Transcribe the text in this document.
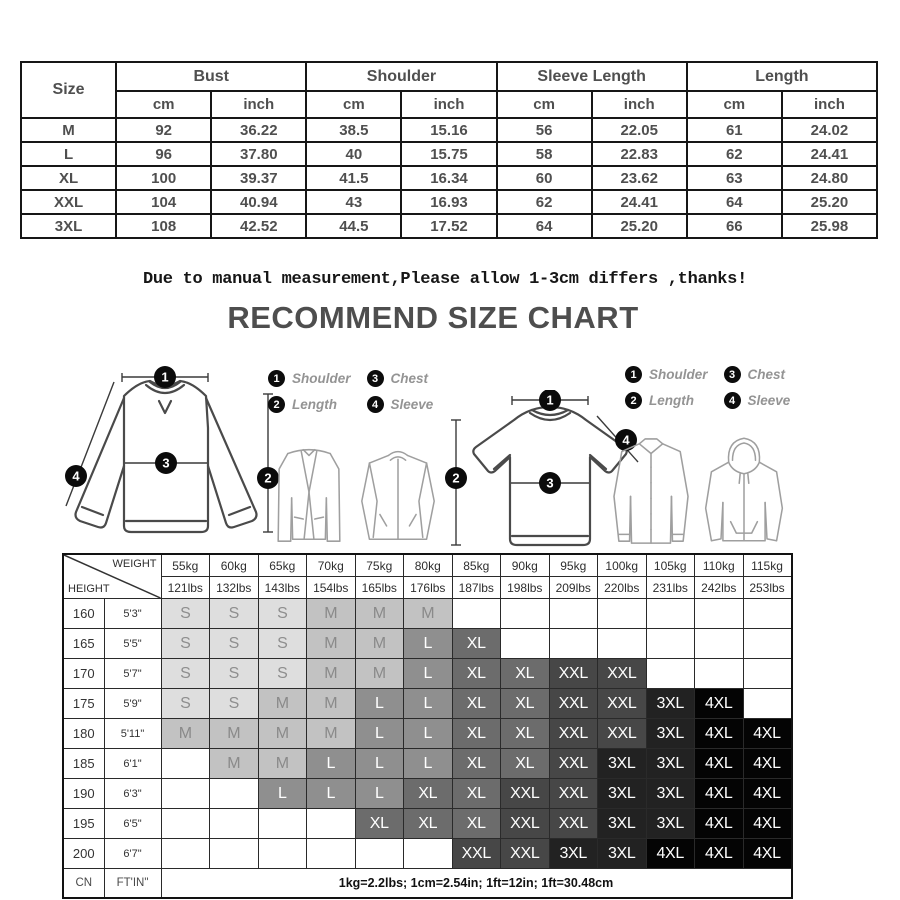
Size	Bust		Shoulder		Sleeve Length		Length	
	cm	inch	cm	inch	cm	inch	cm	inch
M	92	36.22	38.5	15.16	56	22.05	61	24.02
L	96	37.80	40	15.75	58	22.83	62	24.41
XL	100	39.37	41.5	16.34	60	23.62	63	24.80
XXL	104	40.94	43	16.93	62	24.41	64	25.20
3XL	108	42.52	44.5	17.52	64	25.20	66	25.98
Due to manual measurement,Please allow 1-3cm differs ,thanks!
RECOMMEND SIZE CHART
1
3
2
4
1 Shoulder	3 Chest
2 Length	4 Sleeve	1
2	3
4
1 Shoulder	3 Chest
2 Length	4 Sleeve
WEIGHT
HEIGHT		55kg	60kg	65kg	70kg	75kg	80kg	85kg	90kg	95kg	100kg	105kg	110kg	115kg
		121lbs	132lbs	143lbs	154lbs	165lbs	176lbs	187lbs	198lbs	209lbs	220lbs	231lbs	242lbs	253lbs
160	5'3"	S	S	S	M	M	M							
165	5'5"	S	S	S	M	M	L	XL						
170	5'7"	S	S	S	M	M	L	XL	XL	XXL	XXL			
175	5'9"	S	S	M	M	L	L	XL	XL	XXL	XXL	3XL	4XL	
180	5'11"	M	M	M	M	L	L	XL	XL	XXL	XXL	3XL	4XL	4XL
185	6'1"		M	M	L	L	L	XL	XL	XXL	3XL	3XL	4XL	4XL
190	6'3"			L	L	L	XL	XL	XXL	XXL	3XL	3XL	4XL	4XL
195	6'5"					XL	XL	XL	XXL	XXL	3XL	3XL	4XL	4XL
200	6'7"							XXL	XXL	3XL	3XL	4XL	4XL	4XL
CN	FT'IN"	1kg=2.2lbs; 1cm=2.54in; 1ft=12in; 1ft=30.48cm												
